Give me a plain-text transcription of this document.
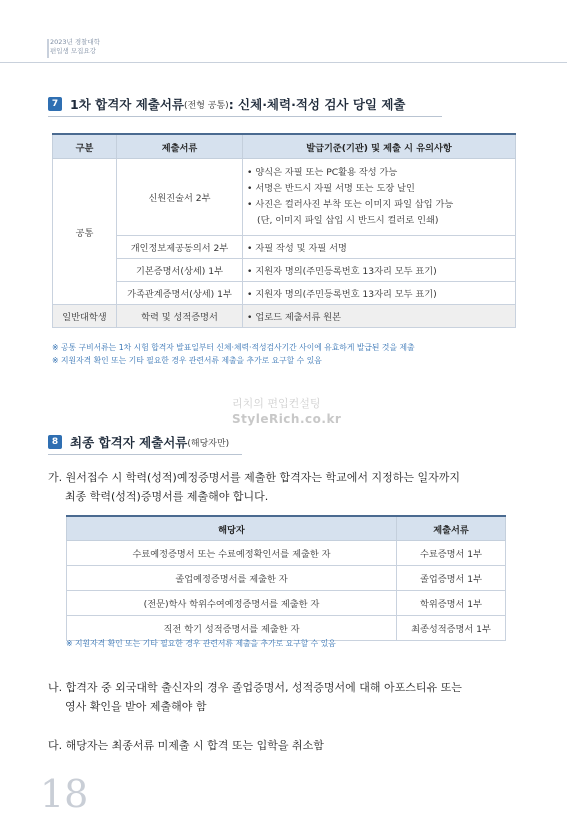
2023년 경찰대학
편입생 모집요강
7 1차 합격자 제출서류 (전형 공통) : 신체·체력·적성 검사 당일 제출
구분	제출서류	발급기준(기관) 및 제출 시 유의사항
공통	신원진술서 2부	• 양식은 자필 또는 PC활용 작성 가능
• 서명은 반드시 자필 서명 또는 도장 날인
• 사진은 컬러사진 부착 또는 이미지 파일 삽입 가능
(단, 이미지 파일 삽입 시 반드시 컬러로 인쇄)

	개인정보제공동의서 2부	• 자필 작성 및 자필 서명
	기본증명서(상세) 1부	• 지원자 명의(주민등록번호 13자리 모두 표기)
	가족관계증명서(상세) 1부	• 지원자 명의(주민등록번호 13자리 모두 표기)
일반대학생	학력 및 성적증명서	• 업로드 제출서류 원본
※ 공통 구비서류는 1차 시험 합격자 발표일부터 신체·체력·적성검사기간 사이에 유효하게 발급된 것을 제출
※ 지원자격 확인 또는 기타 필요한 경우 관련서류 제출을 추가로 요구할 수 있음
리치의 편입컨설팅
StyleRich.co.kr
8 최종 합격자 제출서류 (해당자만)
가. 원서접수 시 학력(성적)예정증명서를 제출한 합격자는 학교에서 지정하는 일자까지
최종 학력(성적)증명서를 제출해야 합니다.
해당자	제출서류
수료예정증명서 또는 수료예정확인서를 제출한 자	수료증명서 1부
졸업예정증명서를 제출한 자	졸업증명서 1부
(전문)학사 학위수여예정증명서를 제출한 자	학위증명서 1부
직전 학기 성적증명서를 제출한 자	최종성적증명서 1부
※ 지원자격 확인 또는 기타 필요한 경우 관련서류 제출을 추가로 요구할 수 있음
나. 합격자 중 외국대학 출신자의 경우 졸업증명서, 성적증명서에 대해 아포스티유 또는
영사 확인을 받아 제출해야 함
다. 해당자는 최종서류 미제출 시 합격 또는 입학을 취소함
18
